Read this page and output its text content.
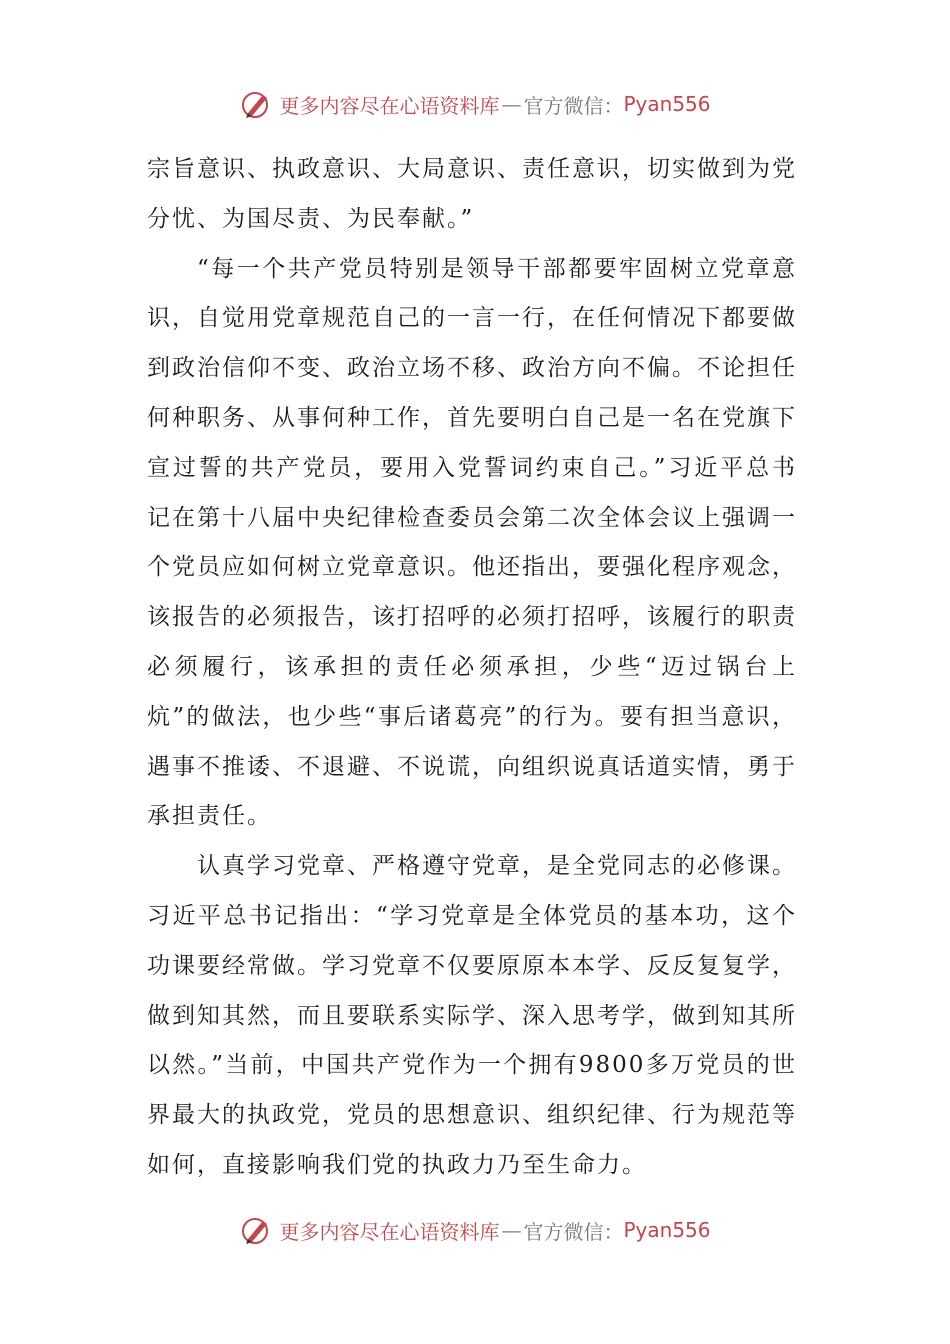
更多内容尽在心语资料库 — 官方微信： Pyan556

宗旨意识、执政意识、大局意识、责任意识，切实做到为党分忧、为国尽责、为民奉献。”

“每一个共产党员特别是领导干部都要牢固树立党章意识，自觉用党章规范自己的一言一行，在任何情况下都要做到政治信仰不变、政治立场不移、政治方向不偏。不论担任何种职务、从事何种工作，首先要明白自己是一名在党旗下宣过誓的共产党员，要用入党誓词约束自己。”习近平总书记在第十八届中央纪律检查委员会第二次全体会议上强调一个党员应如何树立党章意识。他还指出，要强化程序观念，该报告的必须报告，该打招呼的必须打招呼，该履行的职责必须履行，该承担的责任必须承担，少些“迈过锅台上炕”的做法，也少些“事后诸葛亮”的行为。要有担当意识，遇事不推诿、不退避、不说谎，向组织说真话道实情，勇于承担责任。

认真学习党章、严格遵守党章，是全党同志的必修课。习近平总书记指出：“学习党章是全体党员的基本功，这个功课要经常做。学习党章不仅要原原本本学、反反复复学，做到知其然，而且要联系实际学、深入思考学，做到知其所以然。”当前，中国共产党作为一个拥有9800多万党员的世界最大的执政党，党员的思想意识、组织纪律、行为规范等如何，直接影响我们党的执政力乃至生命力。

更多内容尽在心语资料库 — 官方微信： Pyan556
